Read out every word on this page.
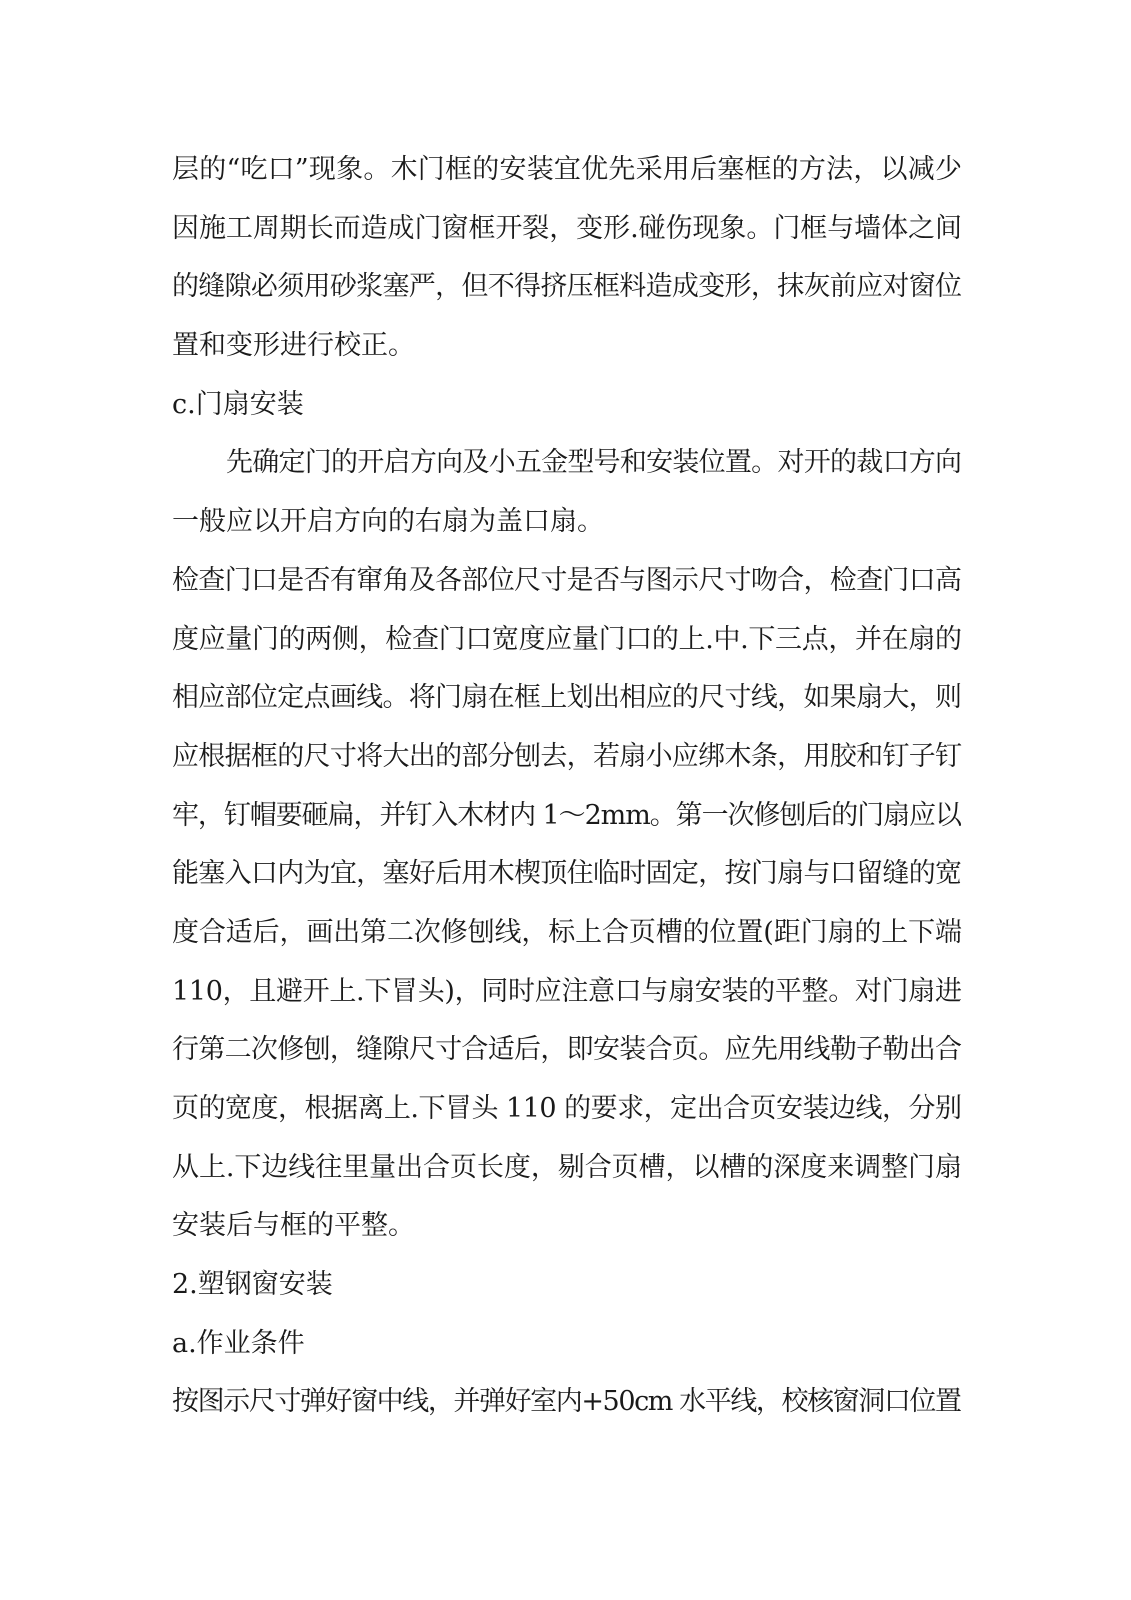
层的“吃口”现象。木门框的安装宜优先采用后塞框的方法，以减少
因施工周期长而造成门窗框开裂，变形.碰伤现象。门框与墙体之间
的缝隙必须用砂浆塞严，但不得挤压框料造成变形，抹灰前应对窗位
置和变形进行校正。
c.门扇安装
先确定门的开启方向及小五金型号和安装位置。对开的裁口方向
一般应以开启方向的右扇为盖口扇。
检查门口是否有窜角及各部位尺寸是否与图示尺寸吻合，检查门口高
度应量门的两侧，检查门口宽度应量门口的上.中.下三点，并在扇的
相应部位定点画线。将门扇在框上划出相应的尺寸线，如果扇大，则
应根据框的尺寸将大出的部分刨去，若扇小应绑木条，用胶和钉子钉
牢，钉帽要砸扁，并钉入木材内 1～2mm。第一次修刨后的门扇应以
能塞入口内为宜，塞好后用木楔顶住临时固定，按门扇与口留缝的宽
度合适后，画出第二次修刨线，标上合页槽的位置(距门扇的上下端
110，且避开上.下冒头)，同时应注意口与扇安装的平整。对门扇进
行第二次修刨，缝隙尺寸合适后，即安装合页。应先用线勒子勒出合
页的宽度，根据离上.下冒头 110 的要求，定出合页安装边线，分别
从上.下边线往里量出合页长度，剔合页槽，以槽的深度来调整门扇
安装后与框的平整。
2.塑钢窗安装
a.作业条件
按图示尺寸弹好窗中线，并弹好室内+50cm 水平线，校核窗洞口位置
